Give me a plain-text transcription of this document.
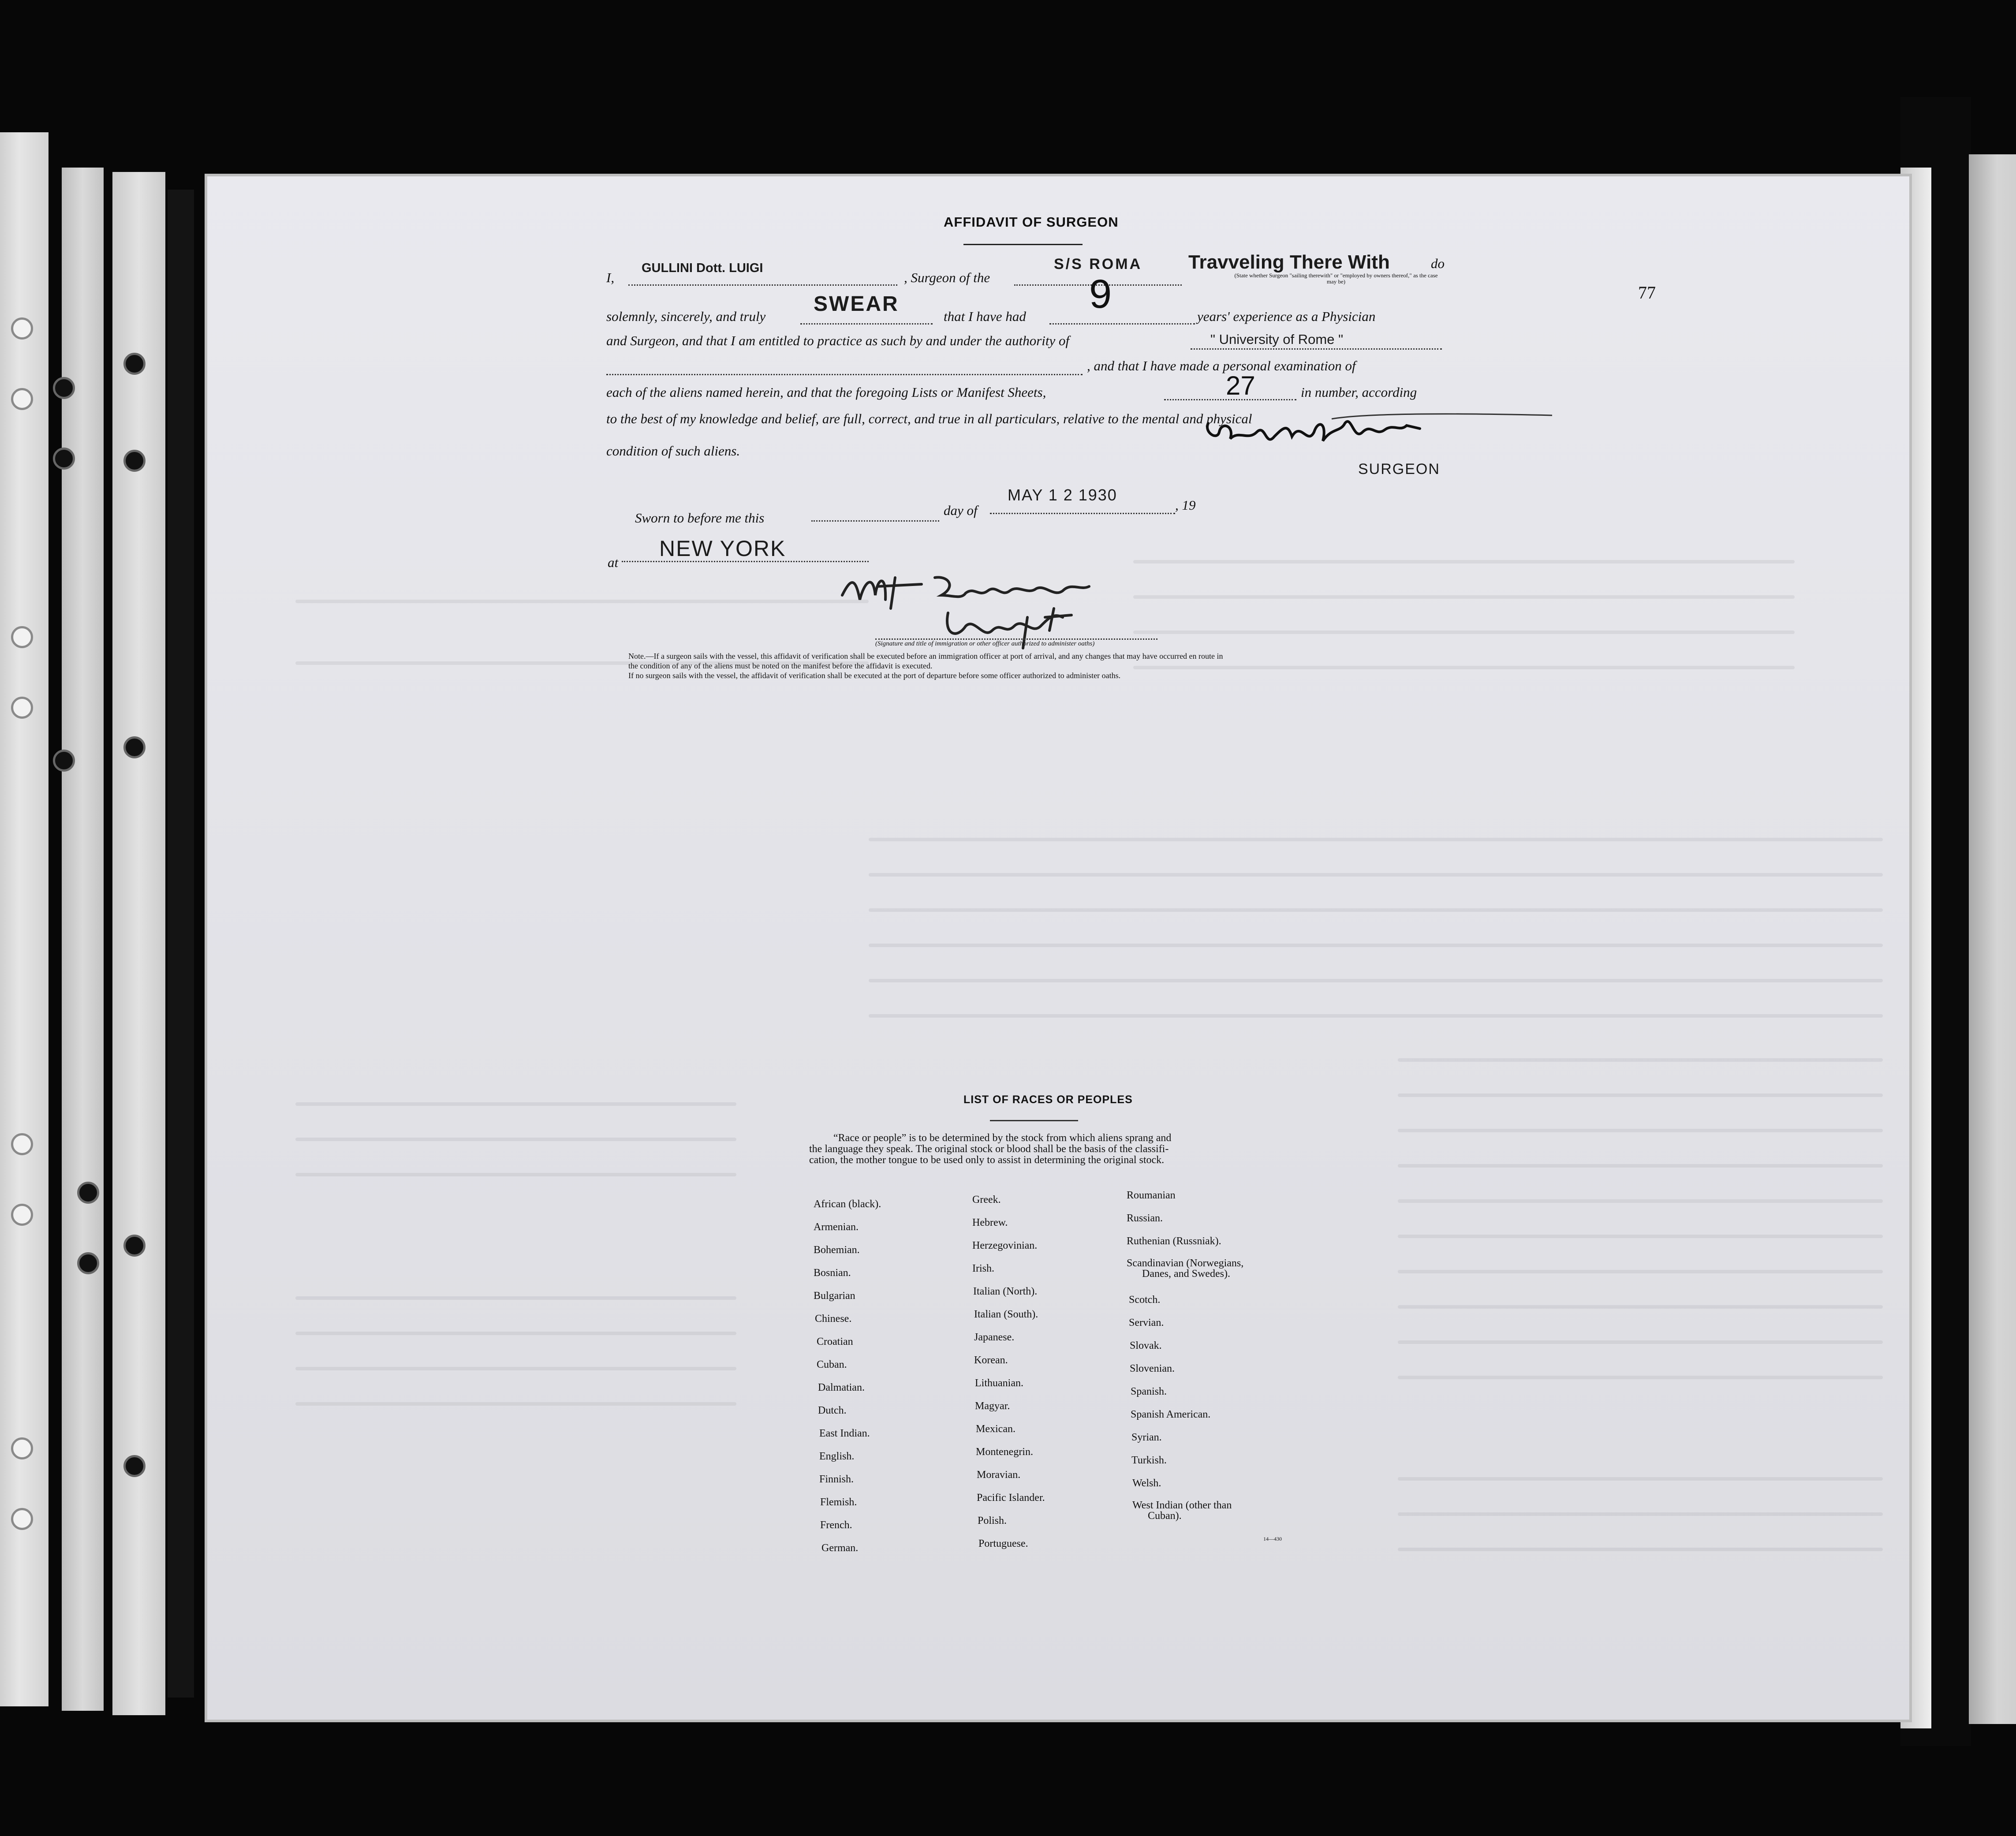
AFFIDAVIT OF SURGEON
I,
GULLINI Dott. LUIGI
, Surgeon of the
S/S ROMA Travveling There With
(State whether Surgeon "sailing therewith" or "employed by owners thereof," as the case may be)
do
solemnly, sincerely, and truly
SWEAR
that I have had 9	years' experience as a Physician
and Surgeon, and that I am entitled to practice as such by and under the authority of	" University of Rome "
, and that I have made a personal examination of
each of the aliens named herein, and that the foregoing Lists or Manifest Sheets,	27	in number, according
to the best of my knowledge and belief, are full, correct, and true in all particulars, relative to the mental and physical
condition of such aliens.
SURGEON
77
Sworn to before me this	day of
MAY 1 2 1930
, 19
at
NEW YORK
(Signature and title of immigration or other officer authorized to administer oaths)
Note.—If a surgeon sails with the vessel, this affidavit of verification shall be executed before an immigration officer at port of arrival, and any changes that may have occurred en route in
the condition of any of the aliens must be noted on the manifest before the affidavit is executed.
If no surgeon sails with the vessel, the affidavit of verification shall be executed at the port of departure before some officer authorized to administer oaths.
LIST OF RACES OR PEOPLES
“Race or people” is to be determined by the stock from which aliens sprang and
the language they speak. The original stock or blood shall be the basis of the classifi-
cation, the mother tongue to be used only to assist in determining the original stock.
African (black).
Armenian.
Bohemian.
Bosnian.
Bulgarian
Chinese.
Croatian
Cuban.
Dalmatian.
Dutch.
East Indian.
English.
Finnish.
Flemish.
French.
German.
Greek.
Hebrew.
Herzegovinian.
Irish.
Italian (North).
Italian (South).
Japanese.
Korean.
Lithuanian.
Magyar.
Mexican.
Montenegrin.
Moravian.
Pacific Islander.
Polish.
Portuguese.
Roumanian
Russian.
Ruthenian (Russniak).
Scandinavian (Norwegians,
Danes, and Swedes).
Scotch.
Servian.
Slovak.
Slovenian.
Spanish.
Spanish American.
Syrian.
Turkish.
Welsh.
West Indian (other than
Cuban).
14—430
